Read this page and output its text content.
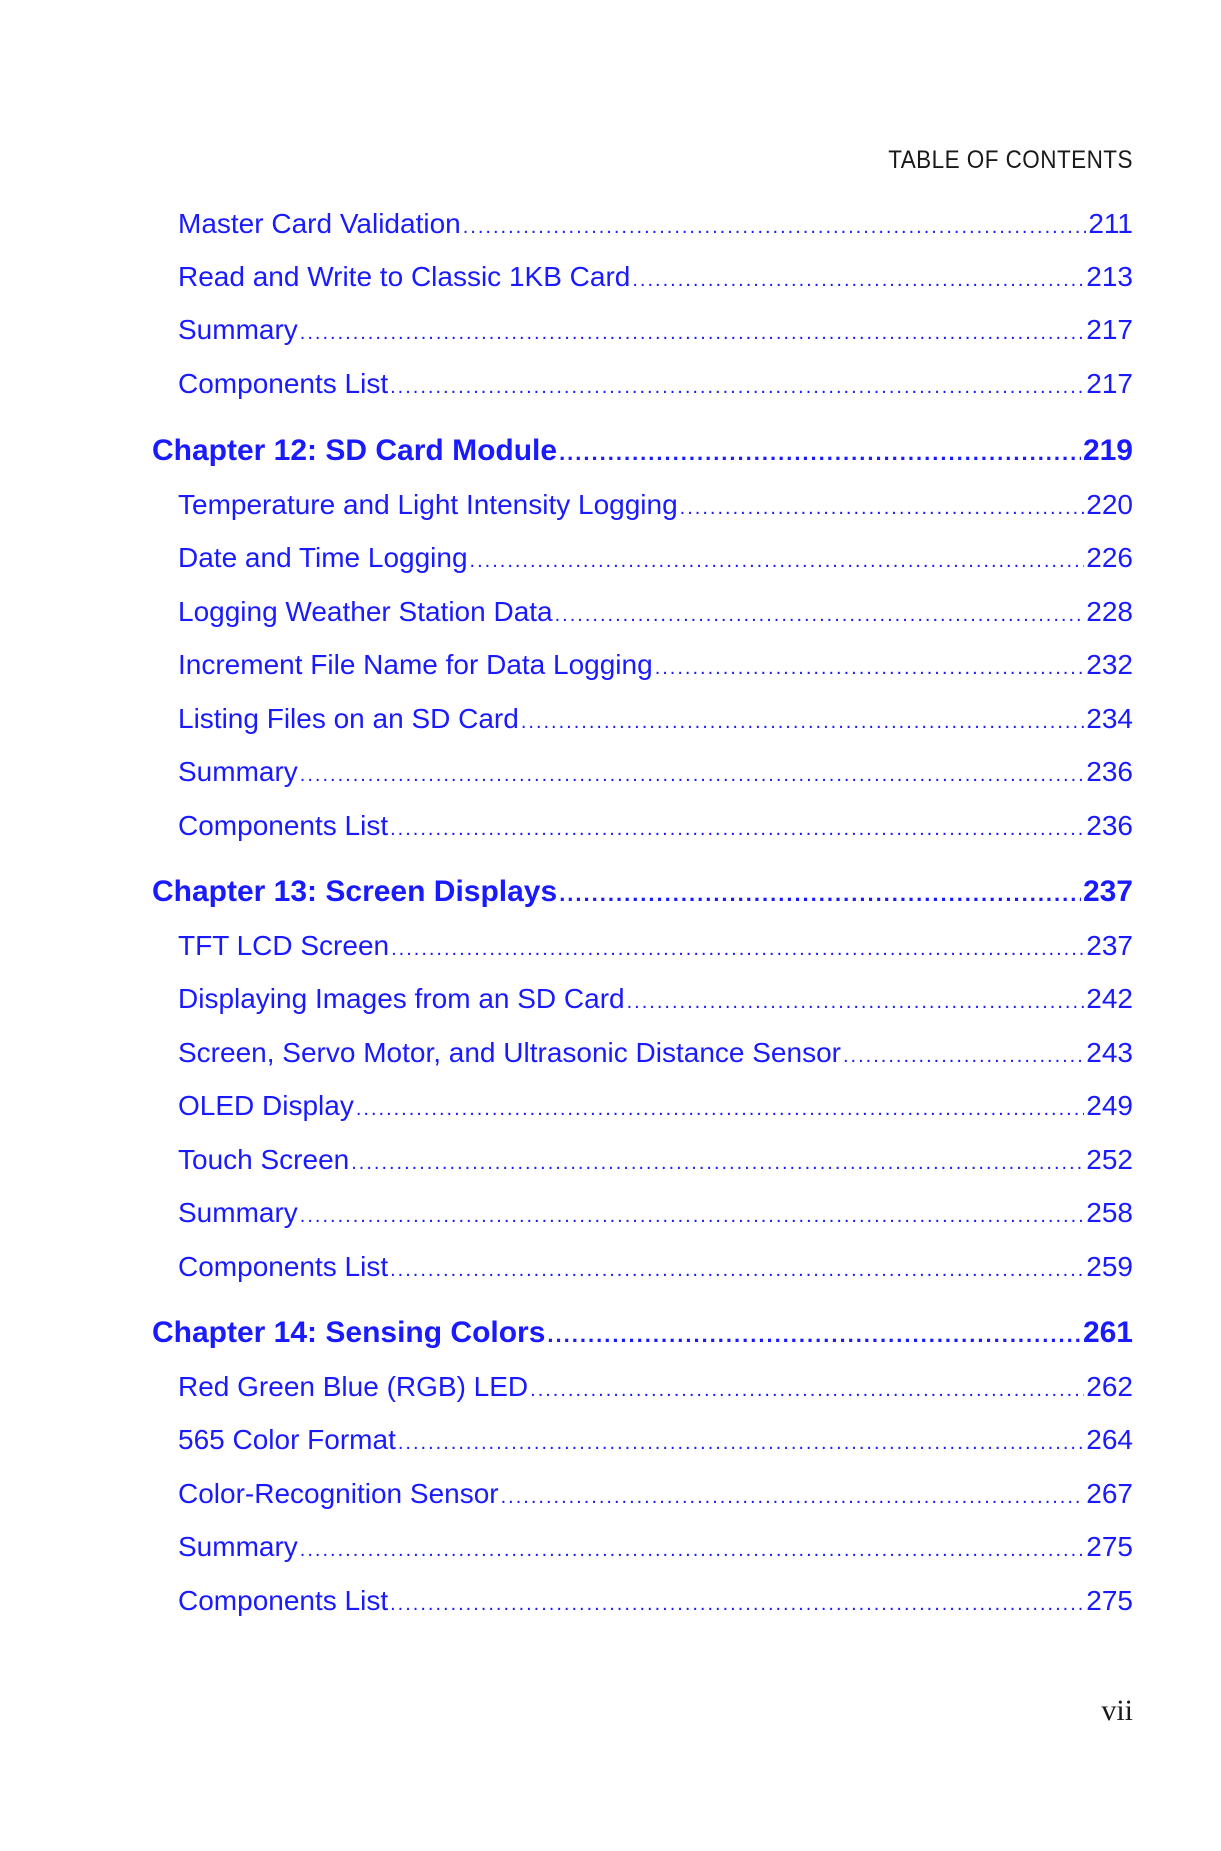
TABLE OF CONTENTS
Master Card Validation .....	211
Read and Write to Classic 1KB Card .....	213
Summary .....	217
Components List .....	217
Chapter 12: SD Card Module .....	219
Temperature and Light Intensity Logging .....	220
Date and Time Logging .....	226
Logging Weather Station Data .....	228
Increment File Name for Data Logging .....	232
Listing Files on an SD Card .....	234
Summary .....	236
Components List .....	236
Chapter 13: Screen Displays .....	237
TFT LCD Screen .....	237
Displaying Images from an SD Card .....	242
Screen, Servo Motor, and Ultrasonic Distance Sensor .....	243
OLED Display .....	249
Touch Screen .....	252
Summary .....	258
Components List .....	259
Chapter 14: Sensing Colors .....	261
Red Green Blue (RGB) LED .....	262
565 Color Format .....	264
Color-Recognition Sensor .....	267
Summary .....	275
Components List .....	275
vii
